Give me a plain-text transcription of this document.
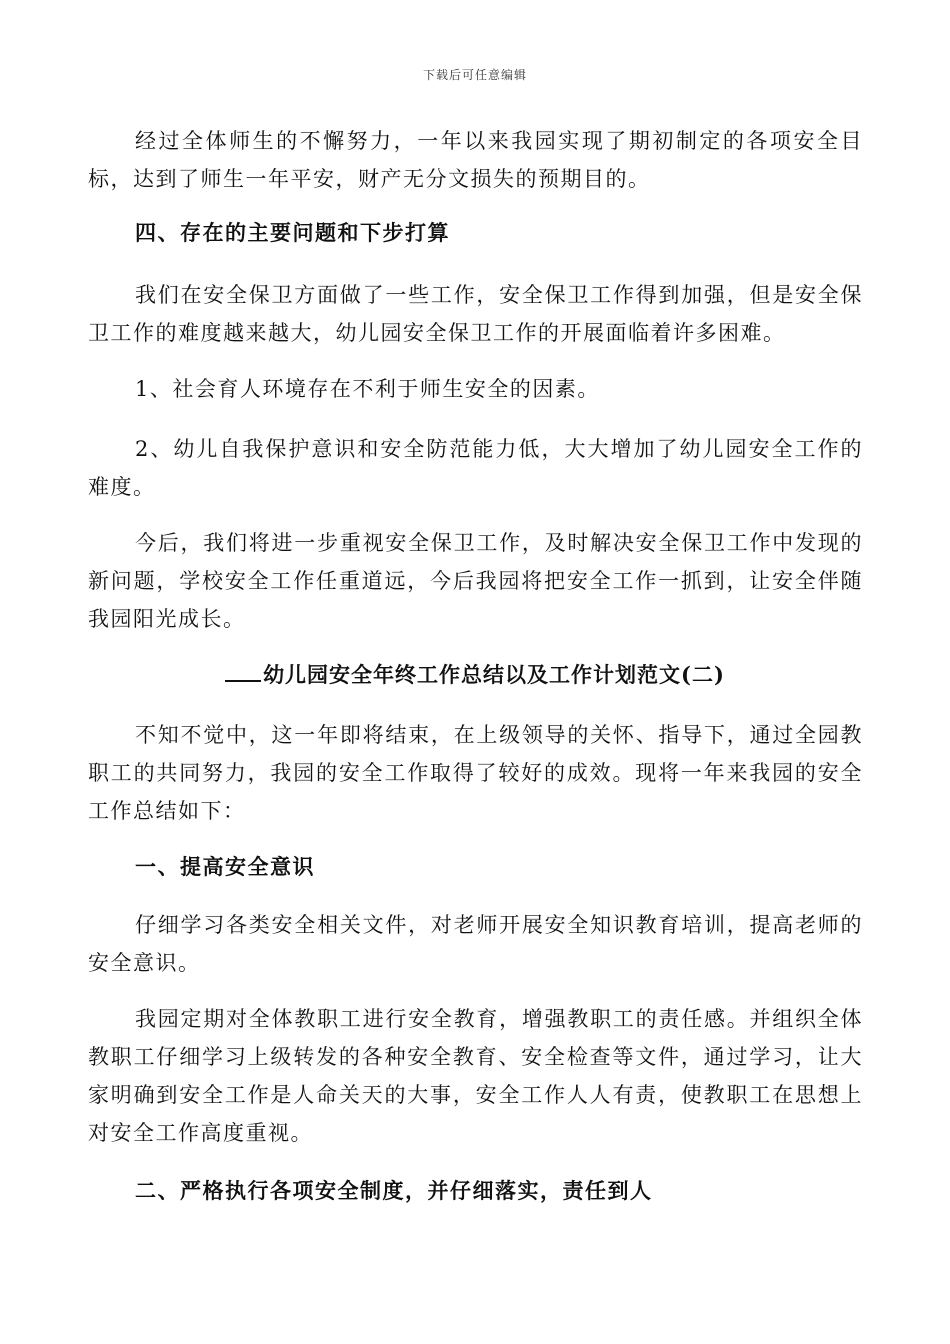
下载后可任意编辑

经过全体师生的不懈努力，一年以来我园实现了期初制定的各项安全目标，达到了师生一年平安，财产无分文损失的预期目的。

四、存在的主要问题和下步打算

我们在安全保卫方面做了一些工作，安全保卫工作得到加强，但是安全保卫工作的难度越来越大，幼儿园安全保卫工作的开展面临着许多困难。

1、社会育人环境存在不利于师生安全的因素。

2、幼儿自我保护意识和安全防范能力低，大大增加了幼儿园安全工作的难度。

今后，我们将进一步重视安全保卫工作，及时解决安全保卫工作中发现的新问题，学校安全工作任重道远，今后我园将把安全工作一抓到，让安全伴随我园阳光成长。

幼儿园安全年终工作总结以及工作计划范文(二)

不知不觉中，这一年即将结束，在上级领导的关怀、指导下，通过全园教职工的共同努力，我园的安全工作取得了较好的成效。现将一年来我园的安全工作总结如下：

一、提高安全意识

仔细学习各类安全相关文件，对老师开展安全知识教育培训，提高老师的安全意识。

我园定期对全体教职工进行安全教育，增强教职工的责任感。并组织全体教职工仔细学习上级转发的各种安全教育、安全检查等文件，通过学习，让大家明确到安全工作是人命关天的大事，安全工作人人有责，使教职工在思想上对安全工作高度重视。

二、严格执行各项安全制度，并仔细落实，责任到人
